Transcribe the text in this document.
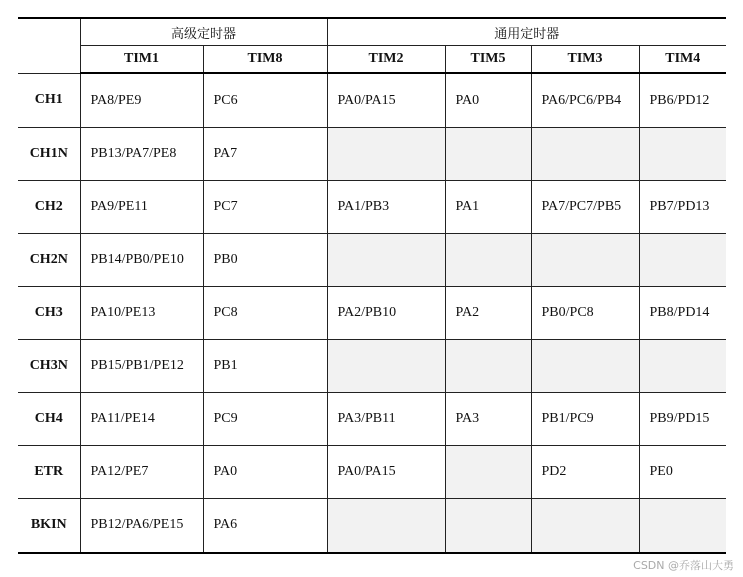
	高级定时器		通用定时器			
	TIM1	TIM8	TIM2	TIM5	TIM3	TIM4
CH1	PA8/PE9	PC6	PA0/PA15	PA0	PA6/PC6/PB4	PB6/PD12
CH1N	PB13/PA7/PE8	PA7				
CH2	PA9/PE11	PC7	PA1/PB3	PA1	PA7/PC7/PB5	PB7/PD13
CH2N	PB14/PB0/PE10	PB0				
CH3	PA10/PE13	PC8	PA2/PB10	PA2	PB0/PC8	PB8/PD14
CH3N	PB15/PB1/PE12	PB1				
CH4	PA11/PE14	PC9	PA3/PB11	PA3	PB1/PC9	PB9/PD15
ETR	PA12/PE7	PA0	PA0/PA15		PD2	PE0
BKIN	PB12/PA6/PE15	PA6				
CSDN @乔落山大勇
